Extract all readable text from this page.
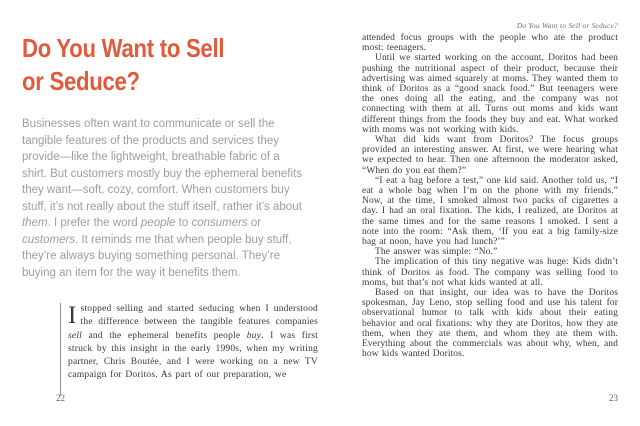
Do You Want to Sell
or Seduce?

Businesses often want to communicate or sell the tangible features of the products and services they provide—like the lightweight, breathable fabric of a shirt. But customers mostly buy the ephemeral benefits they want—soft, cozy, comfort. When customers buy stuff, it’s not really about the stuff itself, rather it’s about them. I prefer the word people to consumers or customers. It reminds me that when people buy stuff, they’re always buying something personal. They’re buying an item for the way it benefits them.

Istopped selling and started seducing when I understood the difference between the tangible features companies sell and the ephemeral benefits people buy. I was first struck by this insight in the early 1990s, when my writing partner, Chris Boutée, and I were working on a new TV campaign for Doritos. As part of our preparation, we
22
Do You Want to Sell or Seduce?

attended focus groups with the people who ate the product most: teenagers.

Until we started working on the account, Doritos had been pushing the nutritional aspect of their product, because their advertising was aimed squarely at moms. They wanted them to think of Doritos as a “good snack food.” But teenagers were the ones doing all the eating, and the company was not connecting with them at all. Turns out moms and kids want different things from the foods they buy and eat. What worked with moms was not working with kids.

What did kids want from Doritos? The focus groups provided an interesting answer. At first, we were hearing what we expected to hear. Then one afternoon the moderator asked, “When do you eat them?”

“I eat a bag before a test,” one kid said. Another told us, “I eat a whole bag when I’m on the phone with my friends.” Now, at the time, I smoked almost two packs of cigarettes a day. I had an oral fixation. The kids, I realized, ate Doritos at the same times and for the same reasons I smoked. I sent a note into the room: “Ask them, ‘If you eat a big family-size bag at noon, have you had lunch?’”

The answer was simple: “No.”

The implication of this tiny negative was huge: Kids didn’t think of Doritos as food. The company was selling food to moms, but that’s not what kids wanted at all.

Based on that insight, our idea was to have the Doritos spokesman, Jay Leno, stop selling food and use his talent for observational humor to talk with kids about their eating behavior and oral fixations: why they ate Doritos, how they ate them, when they ate them, and whom they ate them with. Everything about the commercials was about why, when, and how kids wanted Doritos.

23
